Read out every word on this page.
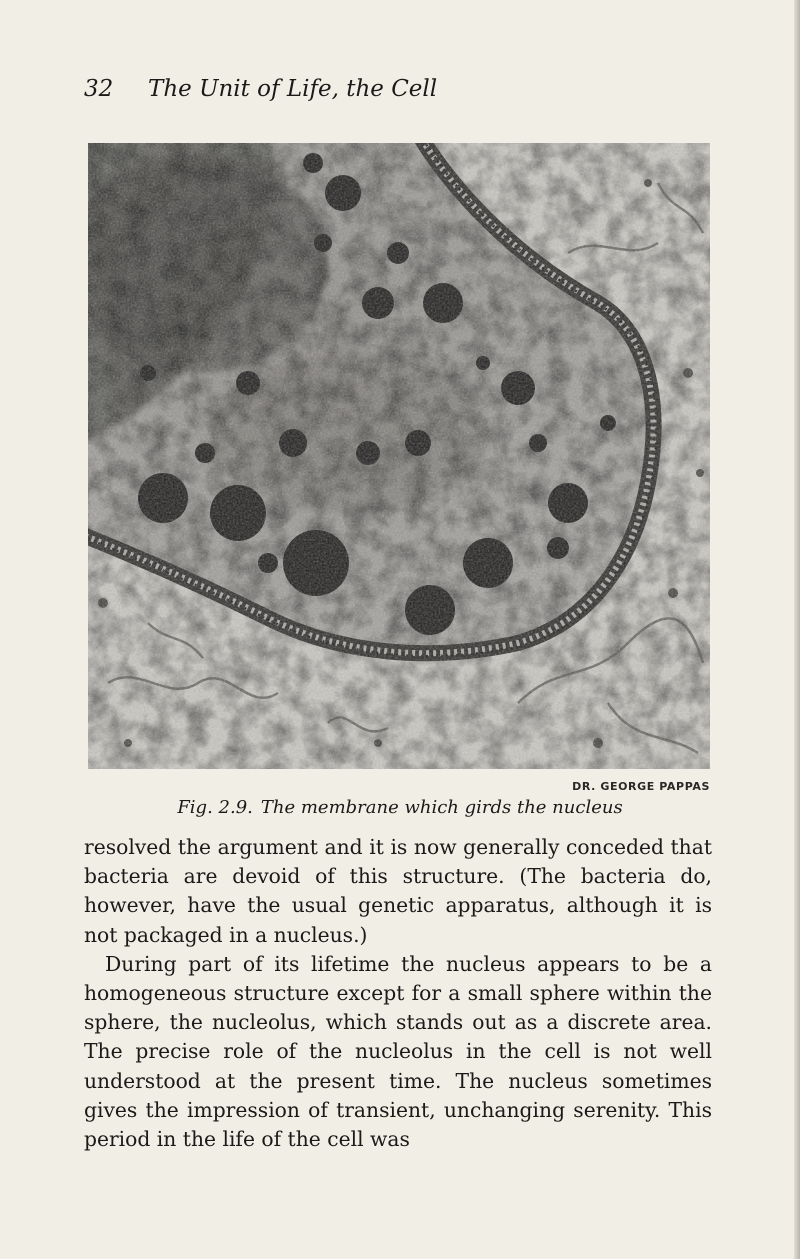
32 The Unit of Life, the Cell
DR. GEORGE PAPPAS
Fig. 2.9. The membrane which girds the nucleus

resolved the argument and it is now generally conceded that bacteria are devoid of this structure. (The bacteria do, however, have the usual genetic apparatus, although it is not packaged in a nucleus.)

During part of its lifetime the nucleus appears to be a homogeneous structure except for a small sphere within the sphere, the nucleolus, which stands out as a discrete area. The precise role of the nucleolus in the cell is not well understood at the present time. The nucleus sometimes gives the impression of transient, unchanging serenity. This period in the life of the cell was
